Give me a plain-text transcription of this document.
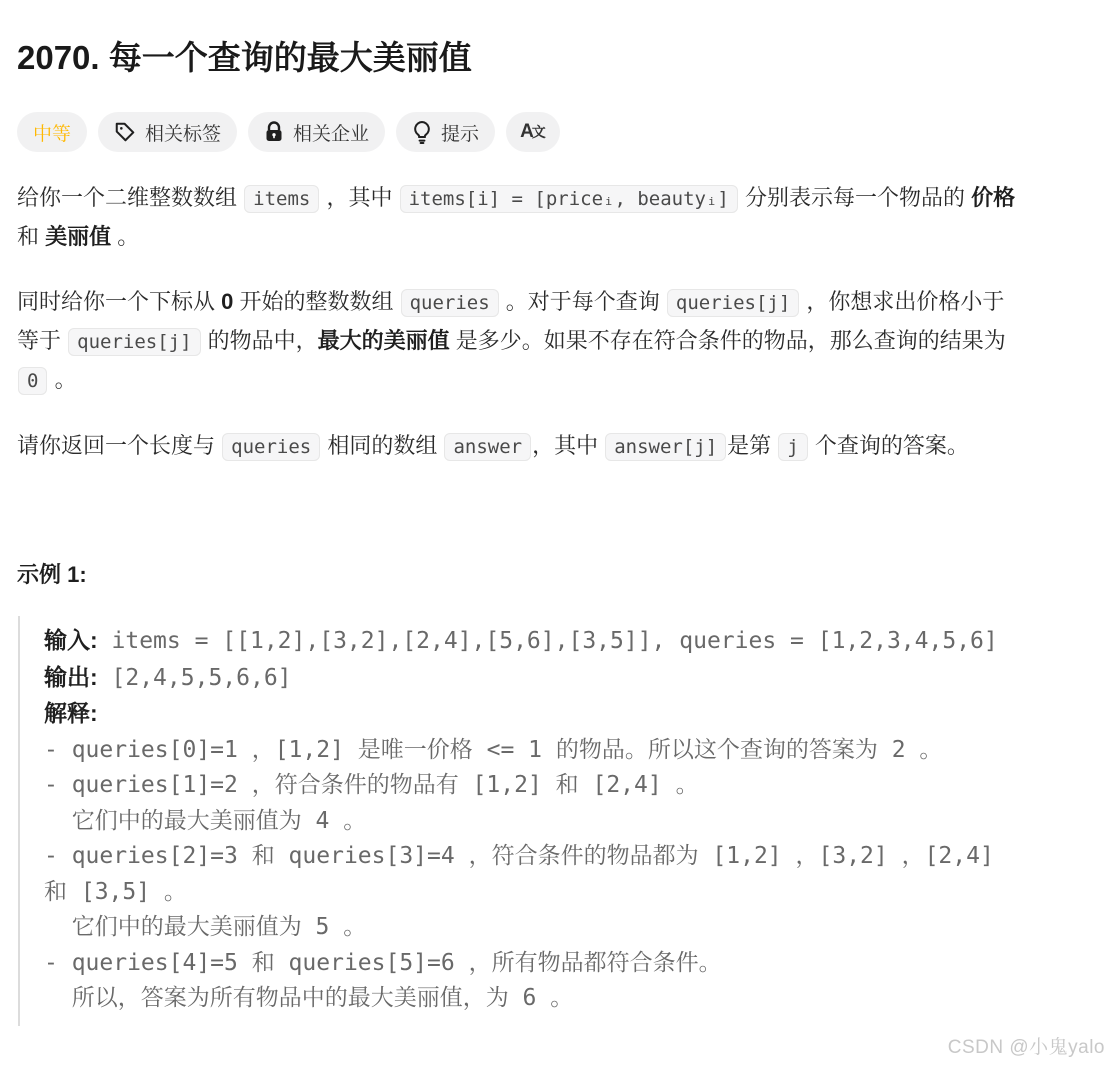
2070. 每一个查询的最大美丽值
中等	相关标签	相关企业	提示 A文

给你一个二维整数数组 items ，其中 items[i] = [priceᵢ, beautyᵢ] 分别表示每一个物品的 价格 和 美丽值 。

同时给你一个下标从 0 开始的整数数组 queries 。对于每个查询 queries[j] ，你想求出价格小于等于 queries[j] 的物品中，最大的美丽值 是多少。如果不存在符合条件的物品，那么查询的结果为 0 。

请你返回一个长度与 queries 相同的数组 answer ，其中 answer[j] 是第 j 个查询的答案。

示例 1:
输入: items = [[1,2],[3,2],[2,4],[5,6],[3,5]], queries = [1,2,3,4,5,6]
输出: [2,4,5,5,6,6]
解释:
- queries[0]=1 ，[1,2] 是唯一价格 <= 1 的物品。所以这个查询的答案为 2 。
- queries[1]=2 ，符合条件的物品有 [1,2] 和 [2,4] 。
它们中的最大美丽值为 4 。
- queries[2]=3 和 queries[3]=4 ，符合条件的物品都为 [1,2] ，[3,2] ，[2,4] 和 [3,5] 。
它们中的最大美丽值为 5 。
- queries[4]=5 和 queries[5]=6 ，所有物品都符合条件。
所以，答案为所有物品中的最大美丽值，为 6 。
CSDN @小鬼yalo
